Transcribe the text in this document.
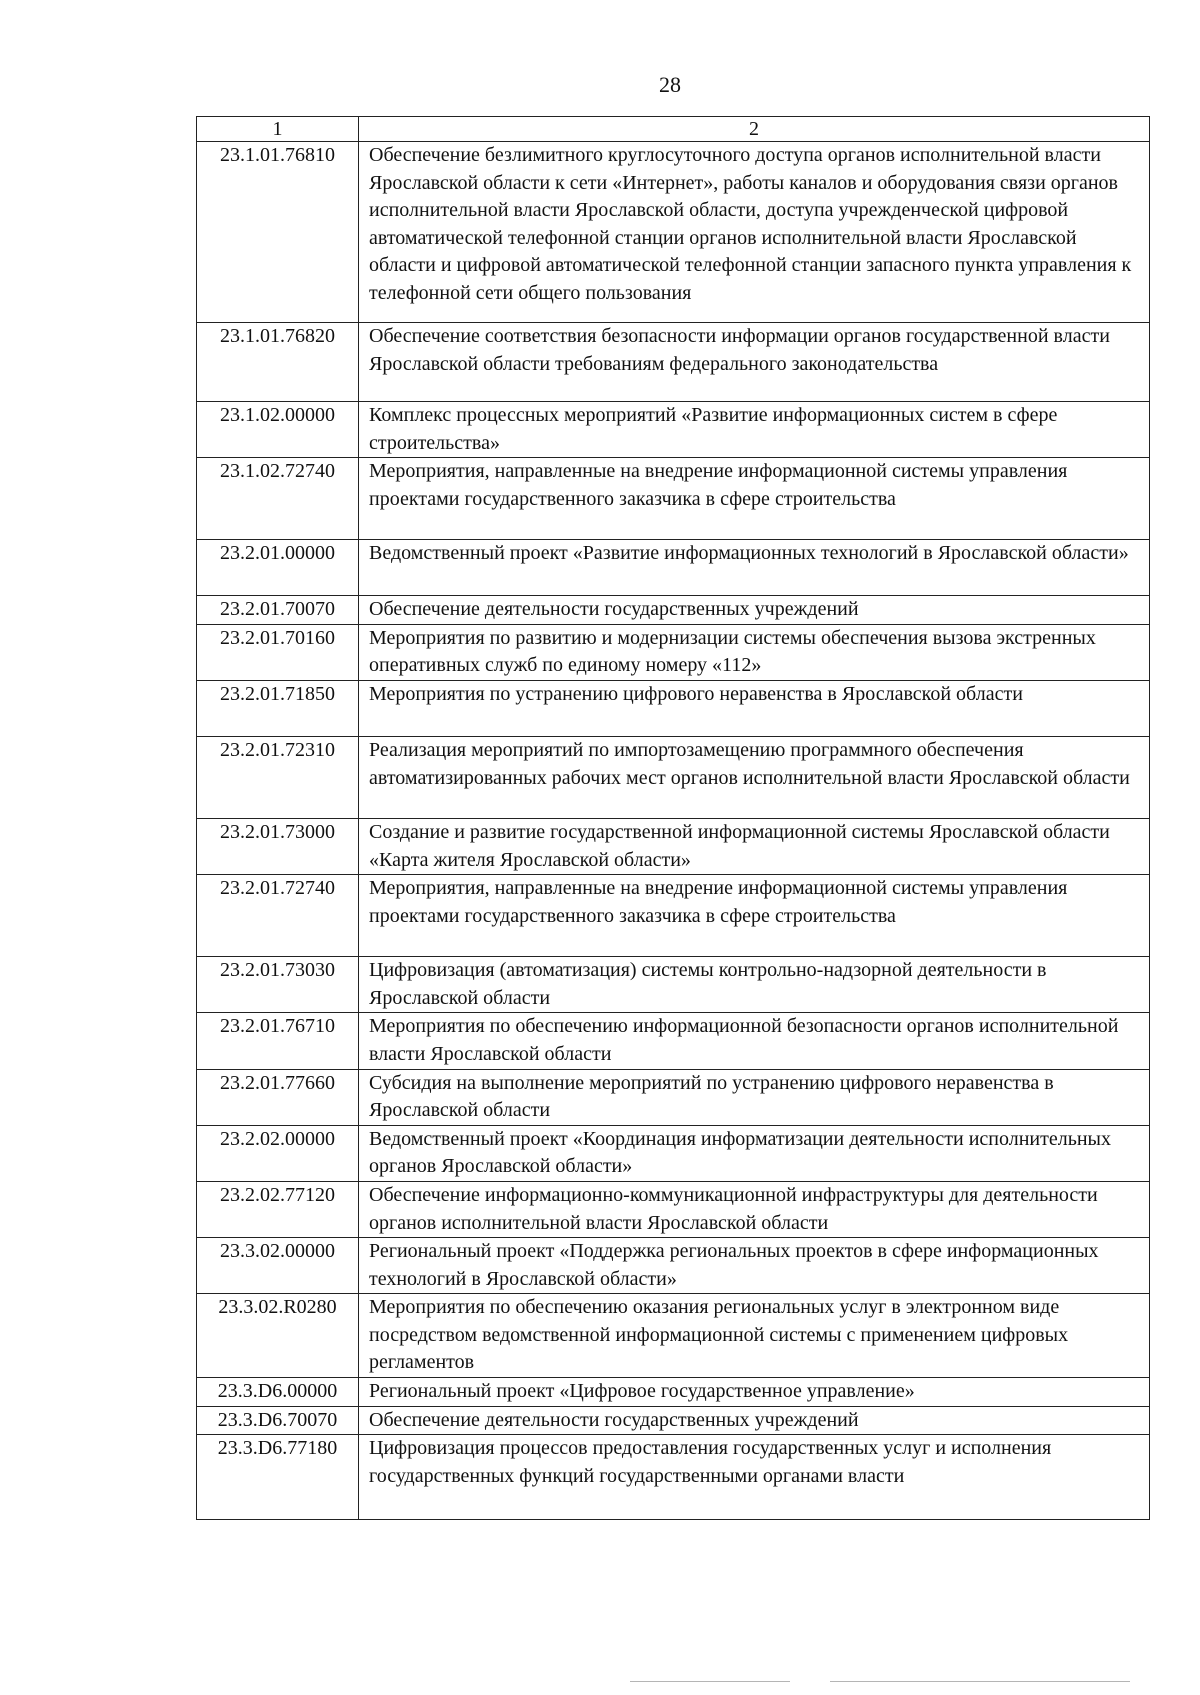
28
1	2
23.1.01.76810	Обеспечение безлимитного круглосуточного доступа органов исполнительной власти Ярославской области к сети «Интернет», работы каналов и оборудования связи органов исполнительной власти Ярославской области, доступа учрежденческой цифровой автоматической телефонной станции органов исполнительной власти Ярославской области и цифровой автоматической телефонной станции запасного пункта управления к телефонной сети общего пользования
23.1.01.76820	Обеспечение соответствия безопасности информации органов государственной власти Ярославской области требованиям федерального законодательства
23.1.02.00000	Комплекс процессных мероприятий «Развитие информационных систем в сфере строительства»
23.1.02.72740	Мероприятия, направленные на внедрение информационной системы управления проектами государственного заказчика в сфере строительства
23.2.01.00000	Ведомственный проект «Развитие информационных технологий в Ярославской области»
23.2.01.70070	Обеспечение деятельности государственных учреждений
23.2.01.70160	Мероприятия по развитию и модернизации системы обеспечения вызова экстренных оперативных служб по единому номеру «112»
23.2.01.71850	Мероприятия по устранению цифрового неравенства в Ярославской области
23.2.01.72310	Реализация мероприятий по импортозамещению программного обеспечения автоматизированных рабочих мест органов исполнительной власти Ярославской области
23.2.01.73000	Создание и развитие государственной информационной системы Ярославской области «Карта жителя Ярославской области»
23.2.01.72740	Мероприятия, направленные на внедрение информационной системы управления проектами государственного заказчика в сфере строительства
23.2.01.73030	Цифровизация (автоматизация) системы контрольно-надзорной деятельности в Ярославской области
23.2.01.76710	Мероприятия по обеспечению информационной безопасности органов исполнительной власти Ярославской области
23.2.01.77660	Субсидия на выполнение мероприятий по устранению цифрового неравенства в Ярославской области
23.2.02.00000	Ведомственный проект «Координация информатизации деятельности исполнительных органов Ярославской области»
23.2.02.77120	Обеспечение информационно-коммуникационной инфраструктуры для деятельности органов исполнительной власти Ярославской области
23.3.02.00000	Региональный проект «Поддержка региональных проектов в сфере информационных технологий в Ярославской области»
23.3.02.R0280	Мероприятия по обеспечению оказания региональных услуг в электронном виде посредством ведомственной информационной системы с применением цифровых регламентов
23.3.D6.00000	Региональный проект «Цифровое государственное управление»
23.3.D6.70070	Обеспечение деятельности государственных учреждений
23.3.D6.77180	Цифровизация процессов предоставления государственных услуг и исполнения государственных функций государственными органами власти
